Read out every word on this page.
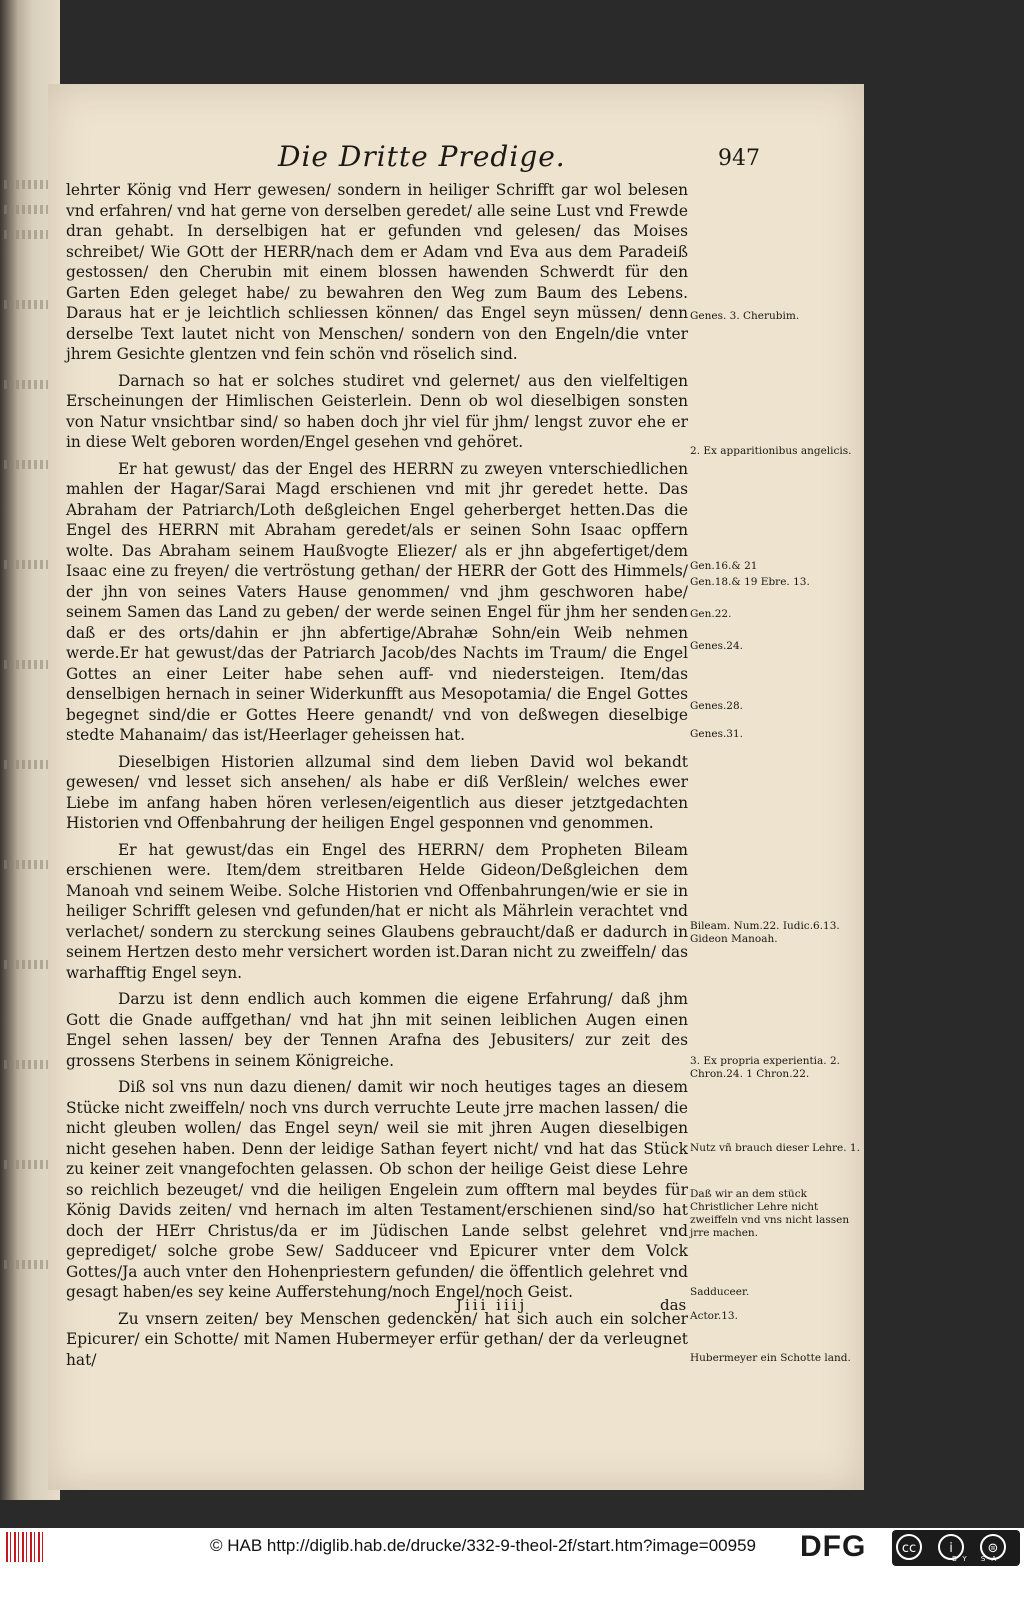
Die Dritte Predige.	947

lehrter König vnd Herr gewesen/ sondern in heiliger Schrifft gar wol belesen vnd erfahren/ vnd hat gerne von derselben geredet/ alle seine Lust vnd Frewde dran gehabt. In derselbigen hat er gefunden vnd gelesen/ das Moises schreibet/ Wie GOtt der HERR/nach dem er Adam vnd Eva aus dem Paradeiß gestossen/ den Cherubin mit einem blossen hawenden Schwerdt für den Garten Eden geleget habe/ zu bewahren den Weg zum Baum des Lebens. Daraus hat er je leichtlich schliessen können/ das Engel seyn müssen/ denn derselbe Text lautet nicht von Menschen/ sondern von den Engeln/die vnter jhrem Gesichte glentzen vnd fein schön vnd röselich sind.

Darnach so hat er solches studiret vnd gelernet/ aus den vielfeltigen Erscheinungen der Himlischen Geisterlein. Denn ob wol dieselbigen sonsten von Natur vnsichtbar sind/ so haben doch jhr viel für jhm/ lengst zuvor ehe er in diese Welt geboren worden/Engel gesehen vnd gehöret.

Er hat gewust/ das der Engel des HERRN zu zweyen vnterschiedlichen mahlen der Hagar/Sarai Magd erschienen vnd mit jhr geredet hette. Das Abraham der Patriarch/Loth deßgleichen Engel geherberget hetten.Das die Engel des HERRN mit Abraham geredet/als er seinen Sohn Isaac opffern wolte. Das Abraham seinem Haußvogte Eliezer/ als er jhn abgefertiget/dem Isaac eine zu freyen/ die vertröstung gethan/ der HERR der Gott des Himmels/ der jhn von seines Vaters Hause genommen/ vnd jhm geschworen habe/ seinem Samen das Land zu geben/ der werde seinen Engel für jhm her senden daß er des orts/dahin er jhn abfertige/Abrahæ Sohn/ein Weib nehmen werde.Er hat gewust/das der Patriarch Jacob/des Nachts im Traum/ die Engel Gottes an einer Leiter habe sehen auff- vnd niedersteigen. Item/das denselbigen hernach in seiner Widerkunfft aus Mesopotamia/ die Engel Gottes begegnet sind/die er Gottes Heere genandt/ vnd von deßwegen dieselbige stedte Mahanaim/ das ist/Heerlager geheissen hat.

Dieselbigen Historien allzumal sind dem lieben David wol bekandt gewesen/ vnd lesset sich ansehen/ als habe er diß Verßlein/ welches ewer Liebe im anfang haben hören verlesen/eigentlich aus dieser jetztgedachten Historien vnd Offenbahrung der heiligen Engel gesponnen vnd genommen.

Er hat gewust/das ein Engel des HERRN/ dem Propheten Bileam erschienen were. Item/dem streitbaren Helde Gideon/Deßgleichen dem Manoah vnd seinem Weibe. Solche Historien vnd Offenbahrungen/wie er sie in heiliger Schrifft gelesen vnd gefunden/hat er nicht als Mährlein verachtet vnd verlachet/ sondern zu sterckung seines Glaubens gebraucht/daß er dadurch in seinem Hertzen desto mehr versichert worden ist.Daran nicht zu zweiffeln/ das warhafftig Engel seyn.

Darzu ist denn endlich auch kommen die eigene Erfahrung/ daß jhm Gott die Gnade auffgethan/ vnd hat jhn mit seinen leiblichen Augen einen Engel sehen lassen/ bey der Tennen Arafna des Jebusiters/ zur zeit des grossens Sterbens in seinem Königreiche.

Diß sol vns nun dazu dienen/ damit wir noch heutiges tages an diesem Stücke nicht zweiffeln/ noch vns durch verruchte Leute jrre machen lassen/ die nicht gleuben wollen/ das Engel seyn/ weil sie mit jhren Augen dieselbigen nicht gesehen haben. Denn der leidige Sathan feyert nicht/ vnd hat das Stück zu keiner zeit vnangefochten gelassen. Ob schon der heilige Geist diese Lehre so reichlich bezeuget/ vnd die heiligen Engelein zum offtern mal beydes für König Davids zeiten/ vnd hernach im alten Testament/erschienen sind/so hat doch der HErr Christus/da er im Jüdischen Lande selbst gelehret vnd geprediget/ solche grobe Sew/ Sadduceer vnd Epicurer vnter dem Volck Gottes/Ja auch vnter den Hohenpriestern gefunden/ die öffentlich gelehret vnd gesagt haben/es sey keine Aufferstehung/noch Engel/noch Geist.

Zu vnsern zeiten/ bey Menschen gedencken/ hat sich auch ein solcher Epicurer/ ein Schotte/ mit Namen Hubermeyer erfür gethan/ der da verleugnet hat/

Genes. 3. Cherubim.
2. Ex apparitionibus angelicis.
Gen.16.& 21
Gen.18.& 19 Ebre. 13.
Gen.22.
Genes.24.
Genes.28.
Genes.31.
Bileam. Num.22. Iudic.6.13. Gideon Manoah.
3. Ex propria experientia. 2. Chron.24. 1 Chron.22.
Nutz vñ brauch dieser Lehre. 1.
Daß wir an dem stück Christlicher Lehre nicht zweiffeln vnd vns nicht lassen jrre machen.
Sadduceer.
Actor.13.
Hubermeyer ein Schotte land.
Jiii iiij	das
© HAB http://diglib.hab.de/drucke/332-9-theol-2f/start.htm?image=00959 DFG	cc	i	⊜
BY SA
